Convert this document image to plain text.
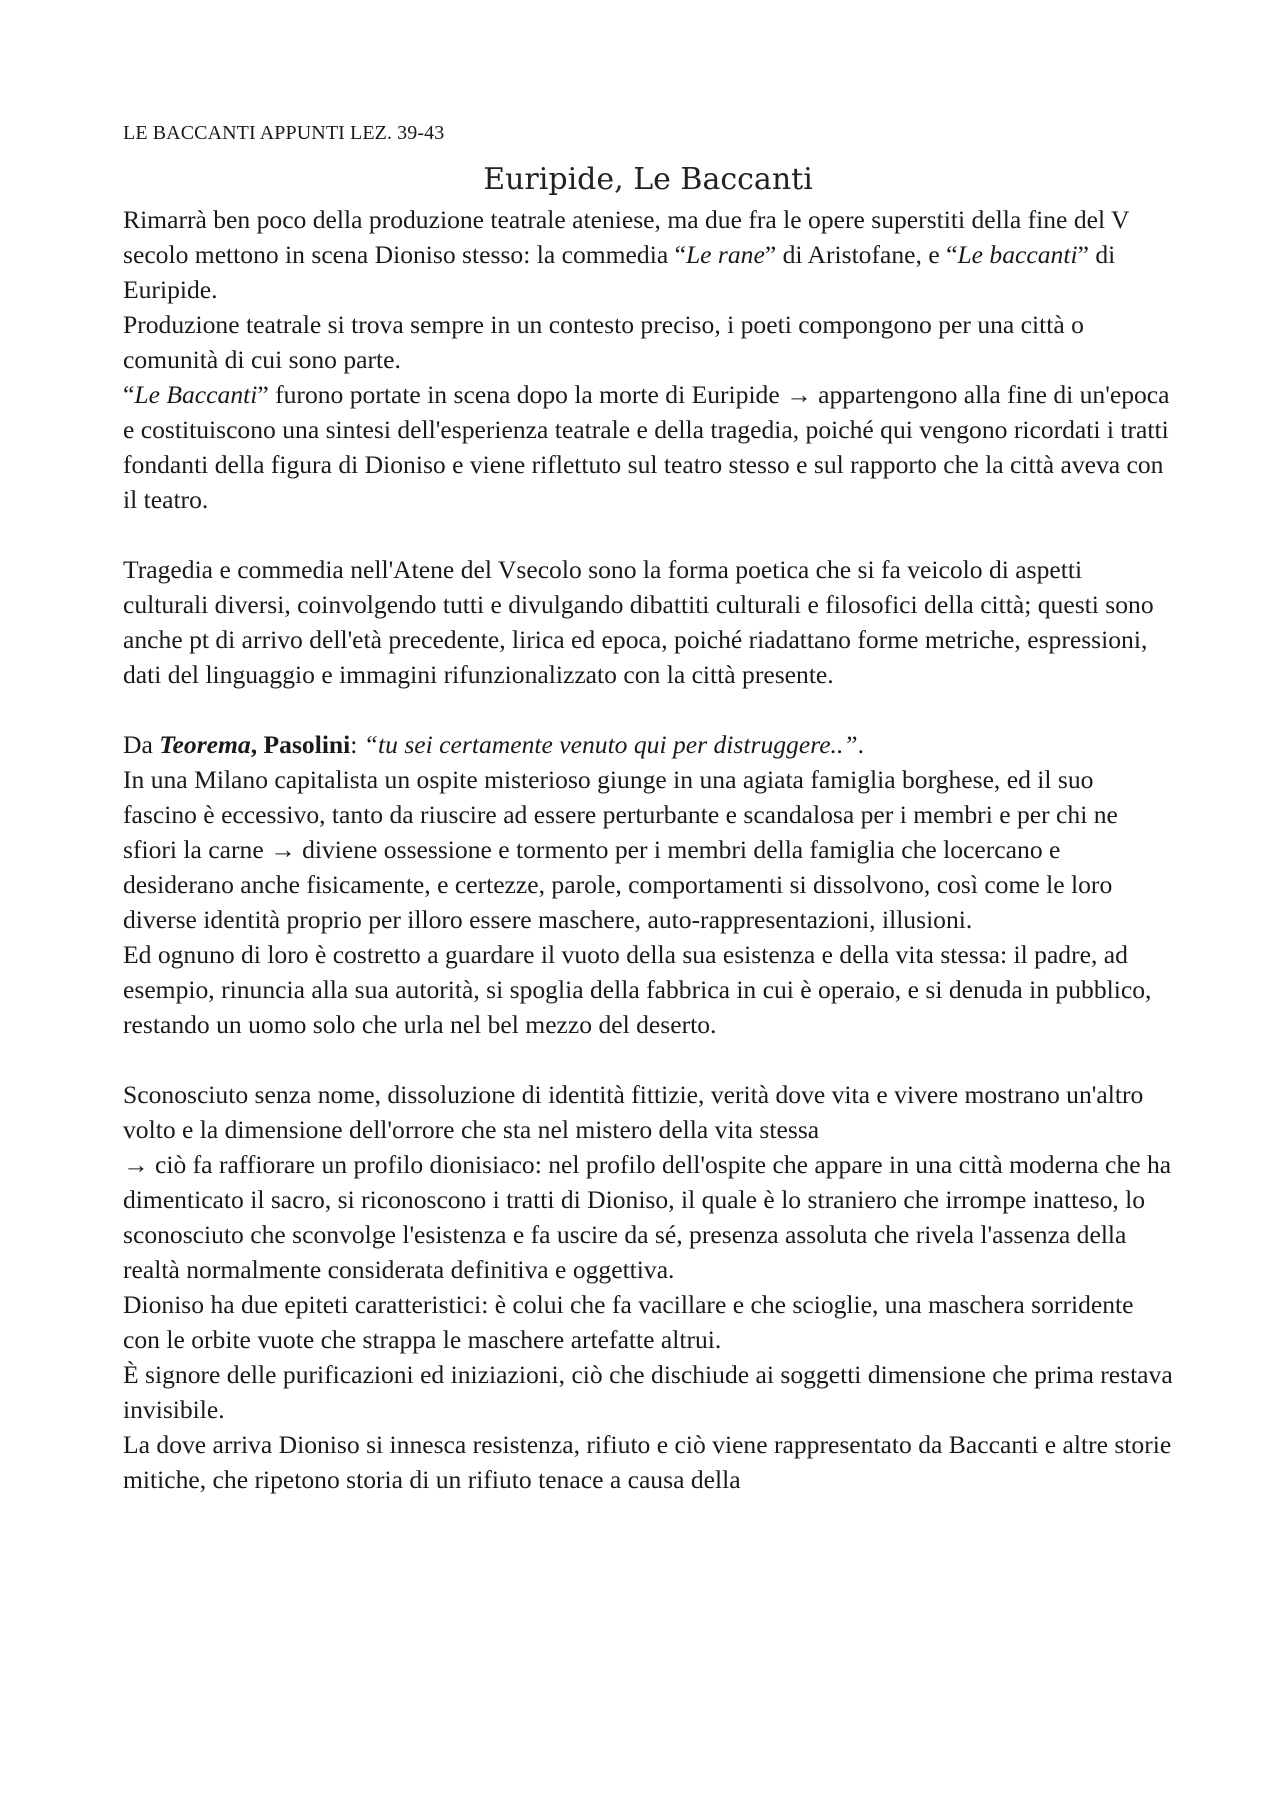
LE BACCANTI APPUNTI LEZ. 39-43
Euripide, Le Baccanti

Rimarrà ben poco della produzione teatrale ateniese, ma due fra le opere superstiti della fine del V secolo mettono in scena Dioniso stesso: la commedia “Le rane” di Aristofane, e “Le baccanti” di Euripide.

Produzione teatrale si trova sempre in un contesto preciso, i poeti compongono per una città o comunità di cui sono parte.

“Le Baccanti” furono portate in scena dopo la morte di Euripide → appartengono alla fine di un'epoca e costituiscono una sintesi dell'esperienza teatrale e della tragedia, poiché qui vengono ricordati i tratti fondanti della figura di Dioniso e viene riflettuto sul teatro stesso e sul rapporto che la città aveva con il teatro.

Tragedia e commedia nell'Atene del Vsecolo sono la forma poetica che si fa veicolo di aspetti culturali diversi, coinvolgendo tutti e divulgando dibattiti culturali e filosofici della città; questi sono anche pt di arrivo dell'età precedente, lirica ed epoca, poiché riadattano forme metriche, espressioni, dati del linguaggio e immagini rifunzionalizzato con la città presente.

Da Teorema, Pasolini: “tu sei certamente venuto qui per distruggere..”.

In una Milano capitalista un ospite misterioso giunge in una agiata famiglia borghese, ed il suo fascino è eccessivo, tanto da riuscire ad essere perturbante e scandalosa per i membri e per chi ne sfiori la carne → diviene ossessione e tormento per i membri della famiglia che locercano e desiderano anche fisicamente, e certezze, parole, comportamenti si dissolvono, così come le loro diverse identità proprio per illoro essere maschere, auto-rappresentazioni, illusioni.

Ed ognuno di loro è costretto a guardare il vuoto della sua esistenza e della vita stessa: il padre, ad esempio, rinuncia alla sua autorità, si spoglia della fabbrica in cui è operaio, e si denuda in pubblico, restando un uomo solo che urla nel bel mezzo del deserto.

Sconosciuto senza nome, dissoluzione di identità fittizie, verità dove vita e vivere mostrano un'altro volto e la dimensione dell'orrore che sta nel mistero della vita stessa

→ ciò fa raffiorare un profilo dionisiaco: nel profilo dell'ospite che appare in una città moderna che ha dimenticato il sacro, si riconoscono i tratti di Dioniso, il quale è lo straniero che irrompe inatteso, lo sconosciuto che sconvolge l'esistenza e fa uscire da sé, presenza assoluta che rivela l'assenza della realtà normalmente considerata definitiva e oggettiva.

Dioniso ha due epiteti caratteristici: è colui che fa vacillare e che scioglie, una maschera sorridente con le orbite vuote che strappa le maschere artefatte altrui.

È signore delle purificazioni ed iniziazioni, ciò che dischiude ai soggetti dimensione che prima restava invisibile.

La dove arriva Dioniso si innesca resistenza, rifiuto e ciò viene rappresentato da Baccanti e altre storie mitiche, che ripetono storia di un rifiuto tenace a causa della
